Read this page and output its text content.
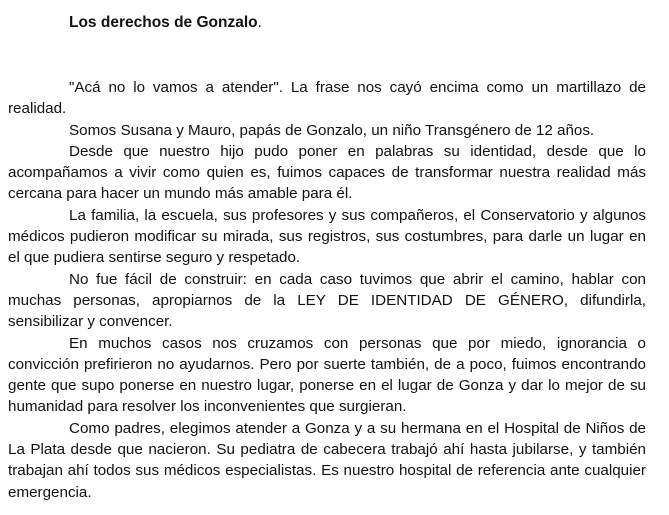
Los derechos de Gonzalo.

"Acá no lo vamos a atender". La frase nos cayó encima como un martillazo de realidad.

Somos Susana y Mauro, papás de Gonzalo, un niño Transgénero de 12 años.

Desde que nuestro hijo pudo poner en palabras su identidad, desde que lo acompañamos a vivir como quien es, fuimos capaces de transformar nuestra realidad más cercana para hacer un mundo más amable para él.

La familia, la escuela, sus profesores y sus compañeros, el Conservatorio y algunos médicos pudieron modificar su mirada, sus registros, sus costumbres, para darle un lugar en el que pudiera sentirse seguro y respetado.

No fue fácil de construir: en cada caso tuvimos que abrir el camino, hablar con muchas personas, apropiarnos de la LEY DE IDENTIDAD DE GÉNERO, difundirla, sensibilizar y convencer.

En muchos casos nos cruzamos con personas que por miedo, ignorancia o convicción prefirieron no ayudarnos. Pero por suerte también, de a poco, fuimos encontrando gente que supo ponerse en nuestro lugar, ponerse en el lugar de Gonza y dar lo mejor de su humanidad para resolver los inconvenientes que surgieran.

Como padres, elegimos atender a Gonza y a su hermana en el Hospital de Niños de La Plata desde que nacieron. Su pediatra de cabecera trabajó ahí hasta jubilarse, y también trabajan ahí todos sus médicos especialistas. Es nuestro hospital de referencia ante cualquier emergencia.
